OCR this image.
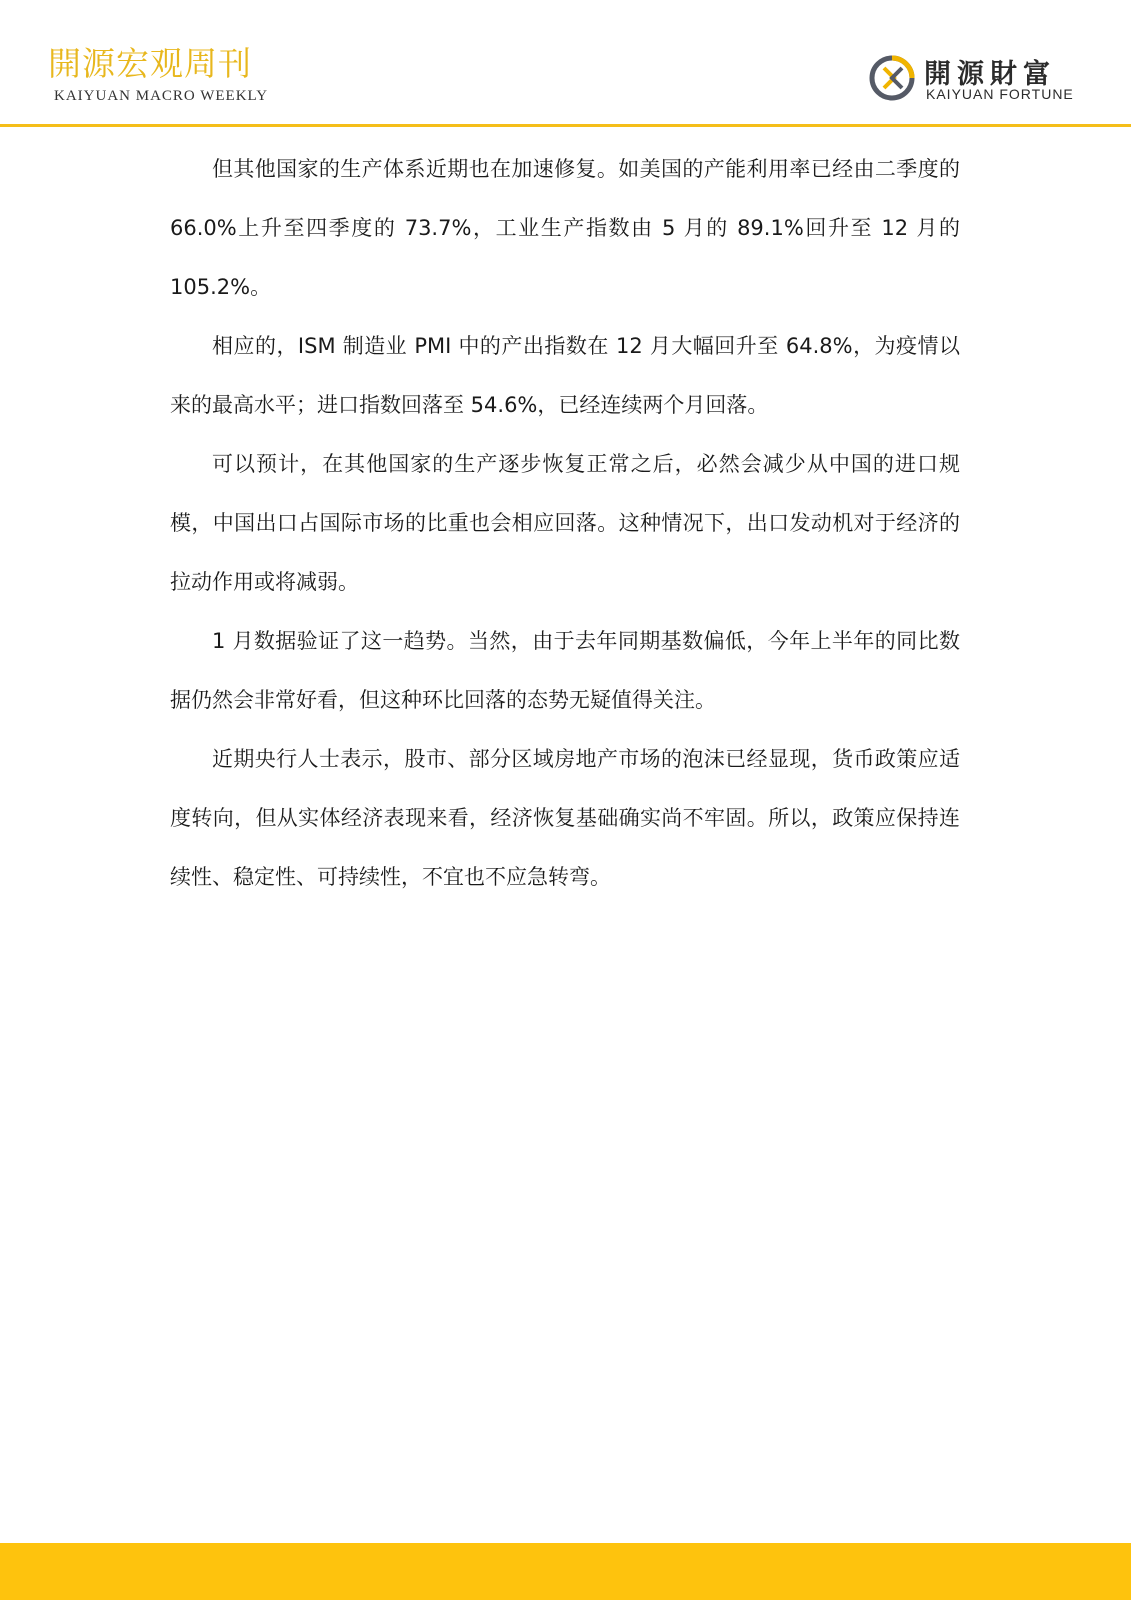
開源宏观周刊
KAIYUAN MACRO WEEKLY
開源財富
KAIYUAN FORTUNE

但其他国家的生产体系近期也在加速修复。如美国的产能利用率已经由二季度的 66.0%上升至四季度的 73.7%，工业生产指数由 5 月的 89.1%回升至 12 月的 105.2%。

相应的，ISM 制造业 PMI 中的产出指数在 12 月大幅回升至 64.8%，为疫情以来的最高水平；进口指数回落至 54.6%，已经连续两个月回落。

可以预计，在其他国家的生产逐步恢复正常之后，必然会减少从中国的进口规模，中国出口占国际市场的比重也会相应回落。这种情况下，出口发动机对于经济的拉动作用或将减弱。

1 月数据验证了这一趋势。当然，由于去年同期基数偏低，今年上半年的同比数据仍然会非常好看，但这种环比回落的态势无疑值得关注。

近期央行人士表示，股市、部分区域房地产市场的泡沫已经显现，货币政策应适度转向，但从实体经济表现来看，经济恢复基础确实尚不牢固。所以，政策应保持连续性、稳定性、可持续性，不宜也不应急转弯。
